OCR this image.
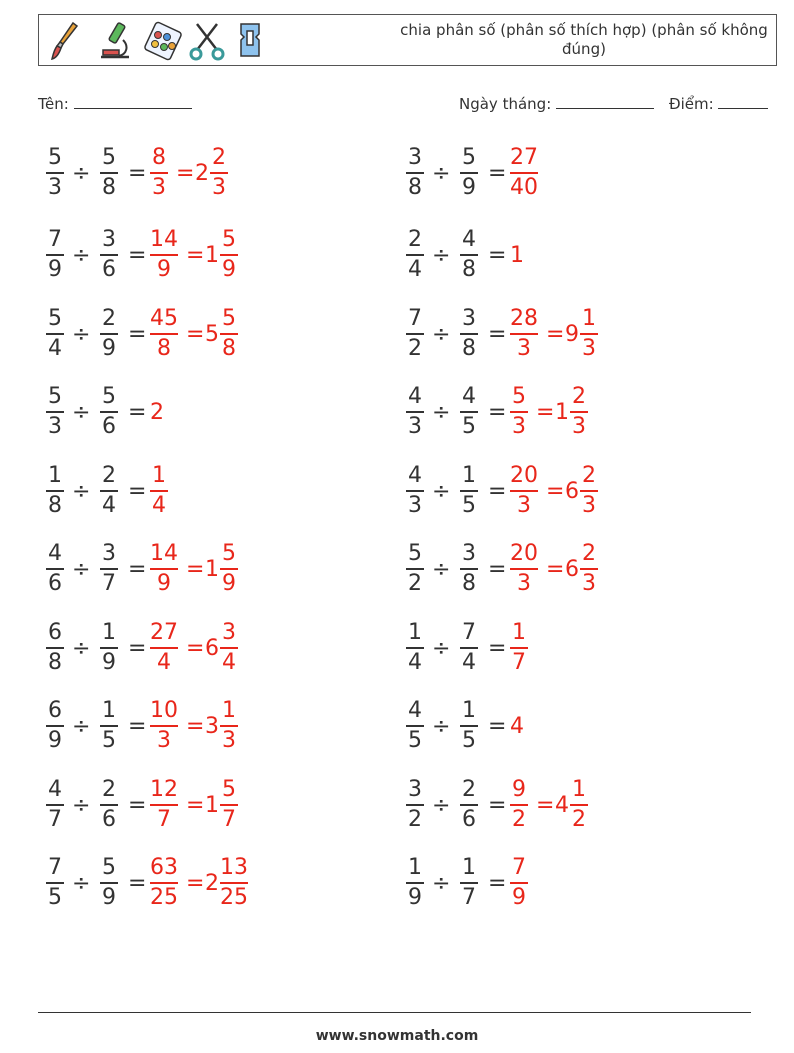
chia phân số (phân số thích hợp) (phân số không đúng)
Tên:	Ngày tháng:	Điểm:
5
3
÷
5
8
=
8
3
= 2
2
3
3
8
÷
5
9
=
27
40
7
9
÷
3
6
=
14
9
= 1
5
9
2
4
÷
4
8
= 1
5
4
÷
2
9
=
45
8
= 5
5
8
7
2
÷
3
8
=
28
3
= 9
1
3
5
3
÷
5
6
= 2
4
3
÷
4
5
=
5
3
= 1
2
3
1
8
÷
2
4
=
1
4
4
3
÷
1
5
=
20
3
= 6
2
3
4
6
÷
3
7
=
14
9
= 1
5
9
5
2
÷
3
8
=
20
3
= 6
2
3
6
8
÷
1
9
=
27
4
= 6
3
4
1
4
÷
7
4
=
1
7
6
9
÷
1
5
=
10
3
= 3
1
3
4
5
÷
1
5
= 4
4
7
÷
2
6
=
12
7
= 1
5
7
3
2
÷
2
6
=
9
2
= 4
1
2
7
5
÷
5
9
=
63
25
= 2
13
25
1
9
÷
1
7
=
7
9
www.snowmath.com
